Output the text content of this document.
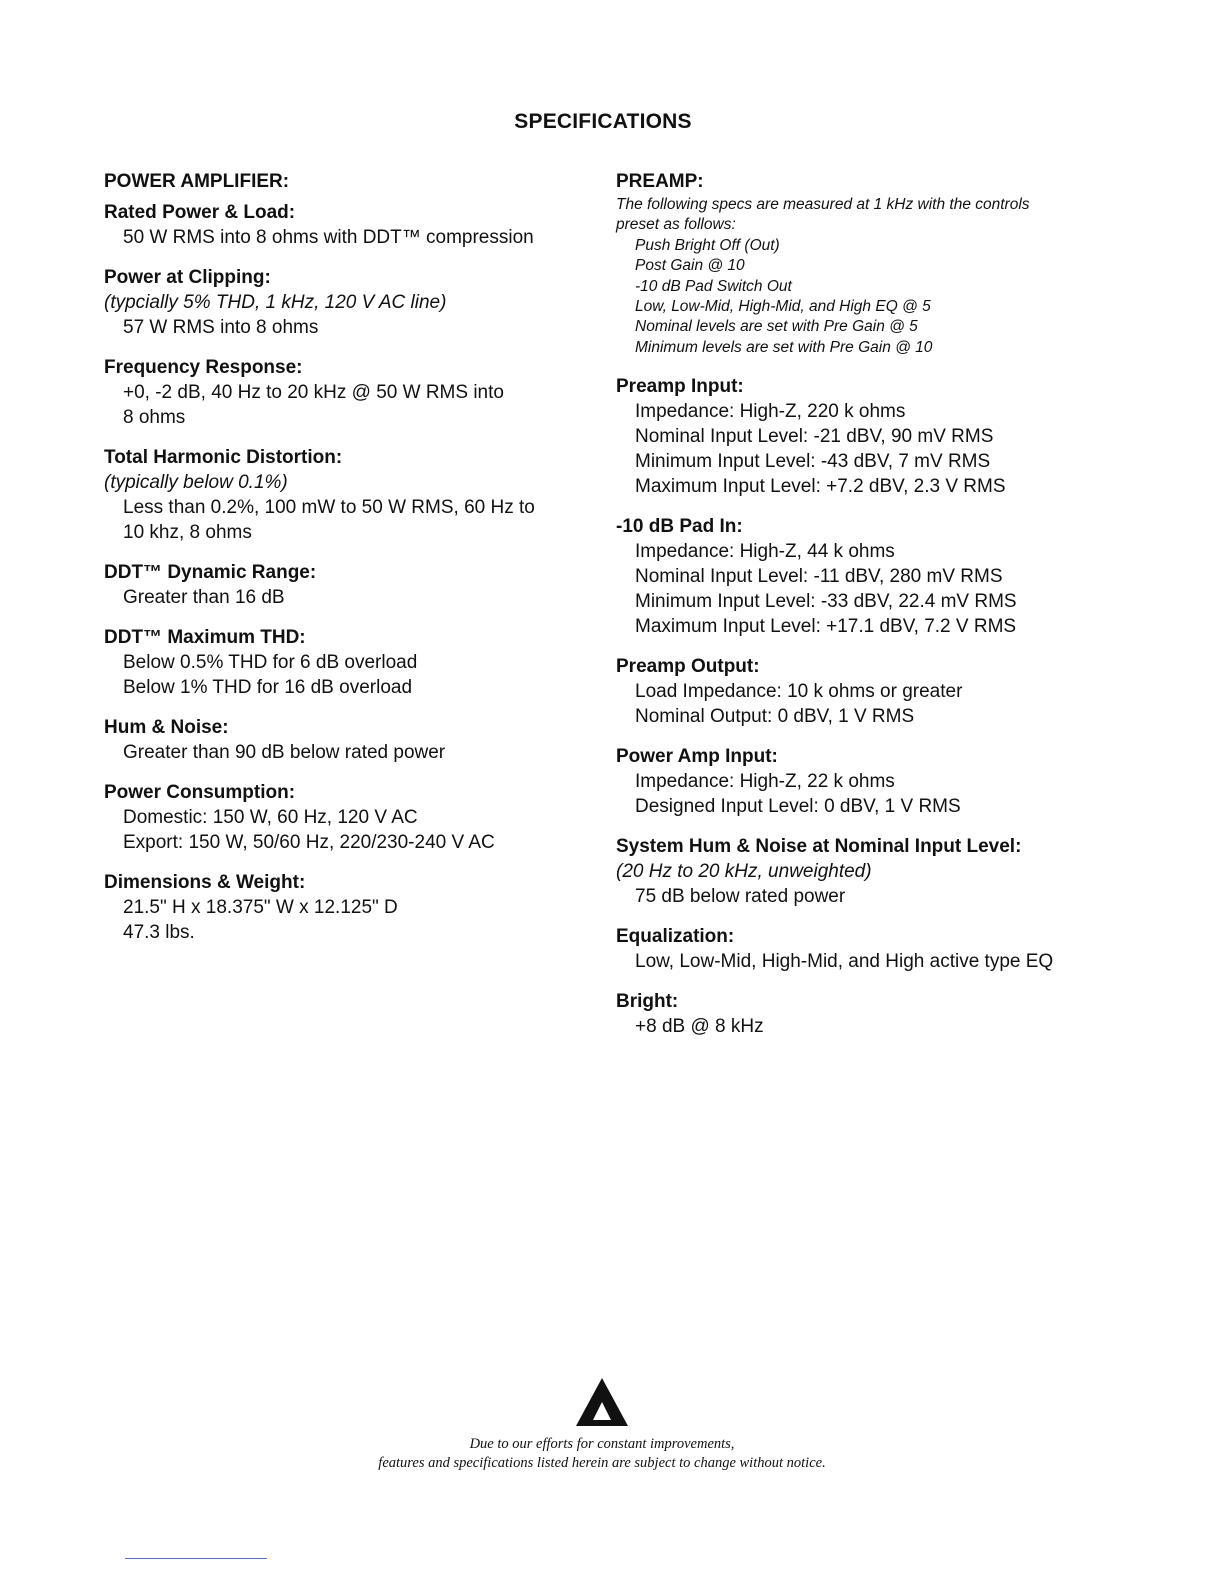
SPECIFICATIONS
POWER AMPLIFIER:
Rated Power & Load:
50 W RMS into 8 ohms with DDT™ compression
Power at Clipping:
(typcially 5% THD, 1 kHz, 120 V AC line)
57 W RMS into 8 ohms
Frequency Response:
+0, -2 dB, 40 Hz to 20 kHz @ 50 W RMS into
8 ohms
Total Harmonic Distortion:
(typically below 0.1%)
Less than 0.2%, 100 mW to 50 W RMS, 60 Hz to
10 khz, 8 ohms
DDT™ Dynamic Range:
Greater than 16 dB
DDT™ Maximum THD:
Below 0.5% THD for 6 dB overload
Below 1% THD for 16 dB overload
Hum & Noise:
Greater than 90 dB below rated power
Power Consumption:
Domestic: 150 W, 60 Hz, 120 V AC
Export: 150 W, 50/60 Hz, 220/230-240 V AC
Dimensions & Weight:
21.5" H x 18.375" W x 12.125" D
47.3 lbs.
PREAMP:
The following specs are measured at 1 kHz with the controls
preset as follows:
Push Bright Off (Out)
Post Gain @ 10
-10 dB Pad Switch Out
Low, Low-Mid, High-Mid, and High EQ @ 5
Nominal levels are set with Pre Gain @ 5
Minimum levels are set with Pre Gain @ 10
Preamp Input:
Impedance: High-Z, 220 k ohms
Nominal Input Level: -21 dBV, 90 mV RMS
Minimum Input Level: -43 dBV, 7 mV RMS
Maximum Input Level: +7.2 dBV, 2.3 V RMS
-10 dB Pad In:
Impedance: High-Z, 44 k ohms
Nominal Input Level: -11 dBV, 280 mV RMS
Minimum Input Level: -33 dBV, 22.4 mV RMS
Maximum Input Level: +17.1 dBV, 7.2 V RMS
Preamp Output:
Load Impedance: 10 k ohms or greater
Nominal Output: 0 dBV, 1 V RMS
Power Amp Input:
Impedance: High-Z, 22 k ohms
Designed Input Level: 0 dBV, 1 V RMS
System Hum & Noise at Nominal Input Level:
(20 Hz to 20 kHz, unweighted)
75 dB below rated power
Equalization:
Low, Low-Mid, High-Mid, and High active type EQ
Bright:
+8 dB @ 8 kHz
Due to our efforts for constant improvements,
features and specifications listed herein are subject to change without notice.
